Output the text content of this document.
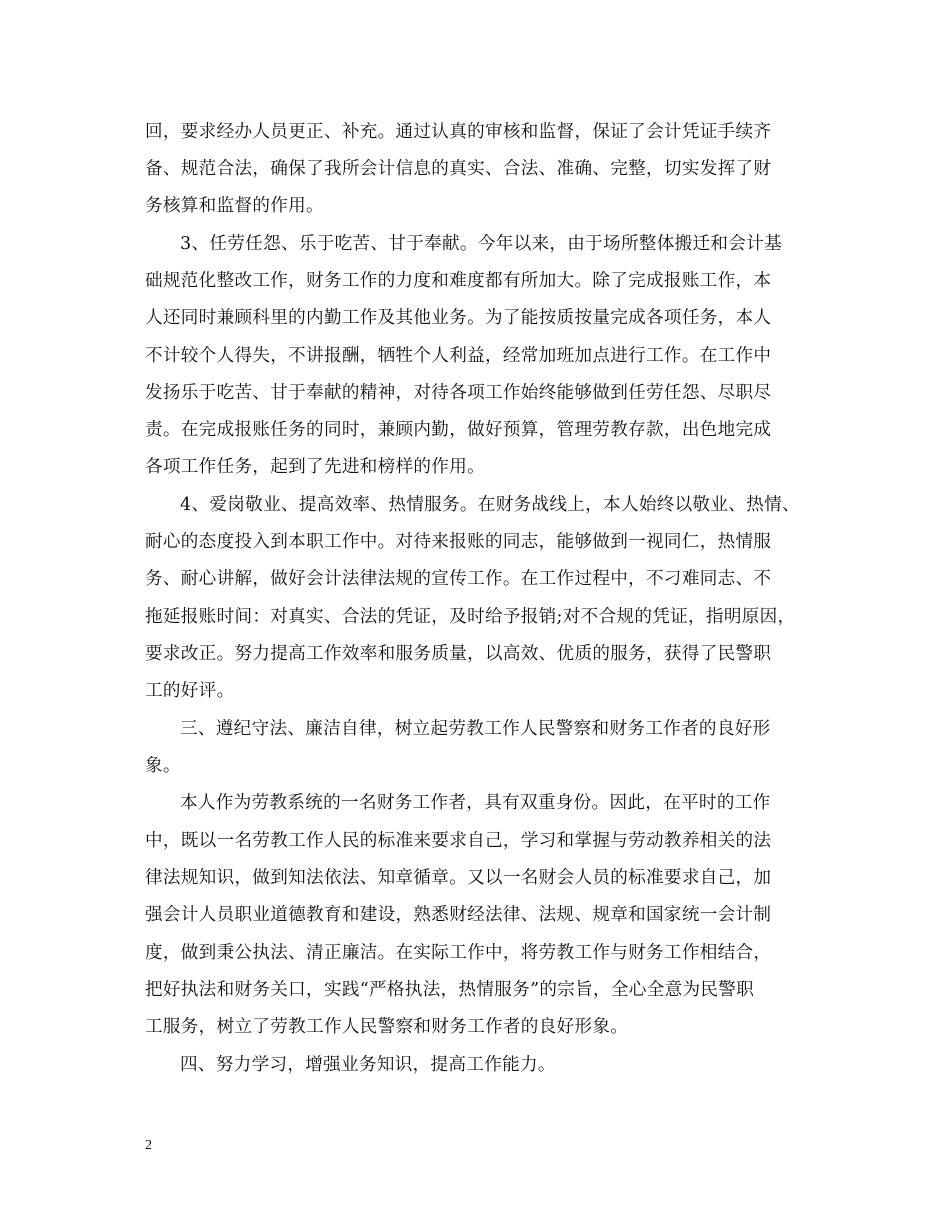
回，要求经办人员更正、补充。通过认真的审核和监督，保证了会计凭证手续齐
备、规范合法，确保了我所会计信息的真实、合法、准确、完整，切实发挥了财
务核算和监督的作用。
3、任劳任怨、乐于吃苦、甘于奉献。今年以来，由于场所整体搬迁和会计基
础规范化整改工作，财务工作的力度和难度都有所加大。除了完成报账工作，本
人还同时兼顾科里的内勤工作及其他业务。为了能按质按量完成各项任务，本人
不计较个人得失，不讲报酬，牺牲个人利益，经常加班加点进行工作。在工作中
发扬乐于吃苦、甘于奉献的精神，对待各项工作始终能够做到任劳任怨、尽职尽
责。在完成报账任务的同时，兼顾内勤，做好预算，管理劳教存款，出色地完成
各项工作任务，起到了先进和榜样的作用。
4、爱岗敬业、提高效率、热情服务。在财务战线上，本人始终以敬业、热情、
耐心的态度投入到本职工作中。对待来报账的同志，能够做到一视同仁，热情服
务、耐心讲解，做好会计法律法规的宣传工作。在工作过程中，不刁难同志、不
拖延报账时间：对真实、合法的凭证，及时给予报销;对不合规的凭证，指明原因，
要求改正。努力提高工作效率和服务质量，以高效、优质的服务，获得了民警职
工的好评。
三、遵纪守法、廉洁自律，树立起劳教工作人民警察和财务工作者的良好形
象。
本人作为劳教系统的一名财务工作者，具有双重身份。因此，在平时的工作
中，既以一名劳教工作人民的标准来要求自己，学习和掌握与劳动教养相关的法
律法规知识，做到知法依法、知章循章。又以一名财会人员的标准要求自己，加
强会计人员职业道德教育和建设，熟悉财经法律、法规、规章和国家统一会计制
度，做到秉公执法、清正廉洁。在实际工作中，将劳教工作与财务工作相结合，
把好执法和财务关口，实践“严格执法，热情服务”的宗旨，全心全意为民警职
工服务，树立了劳教工作人民警察和财务工作者的良好形象。
四、努力学习，增强业务知识，提高工作能力。
2
